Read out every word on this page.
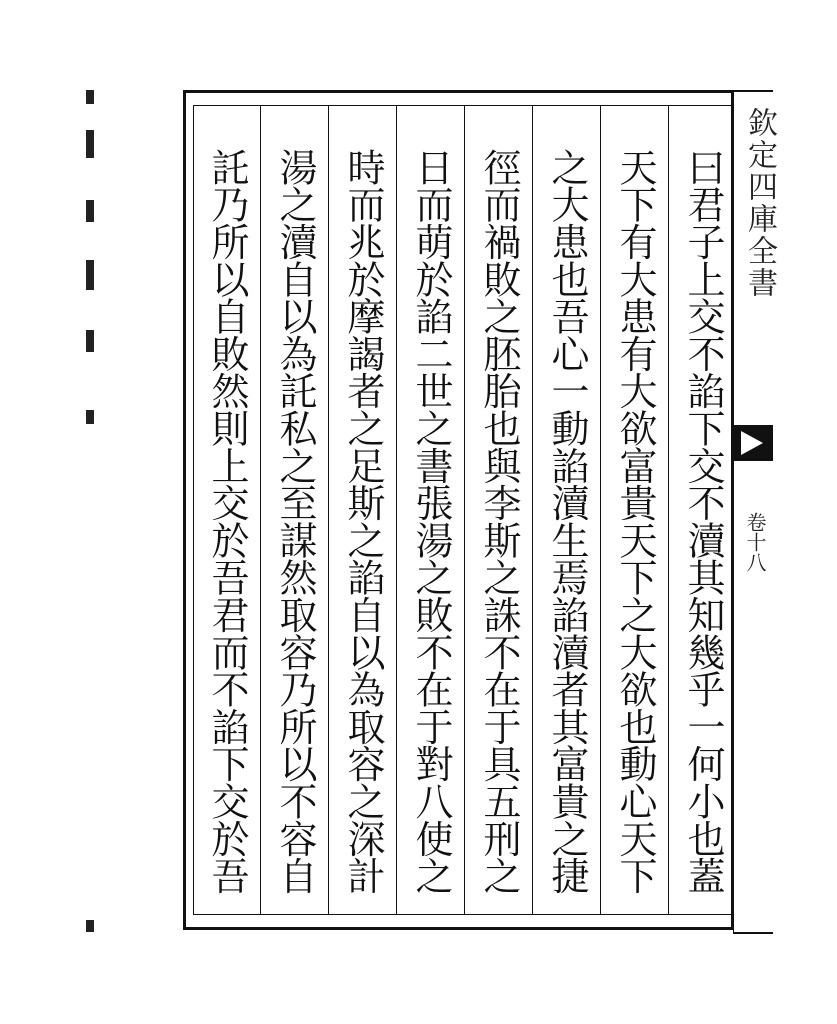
託乃所以自敗然則上交於吾君而不諂下交於吾 湯之瀆自以為託私之至謀然取容乃所以不容自 時而兆於摩謁者之足斯之諂自以為取容之深計 日而萌於諂二世之書張湯之敗不在于對八使之 徑而禍敗之胚胎也與李斯之誅不在于具五刑之 之大患也吾心一動諂瀆生焉諂瀆者其富貴之捷 天下有大患有大欲富貴天下之大欲也動心天下 曰君子上交不諂下交不瀆其知幾乎一何小也蓋 欽定四庫全書
卷十八
